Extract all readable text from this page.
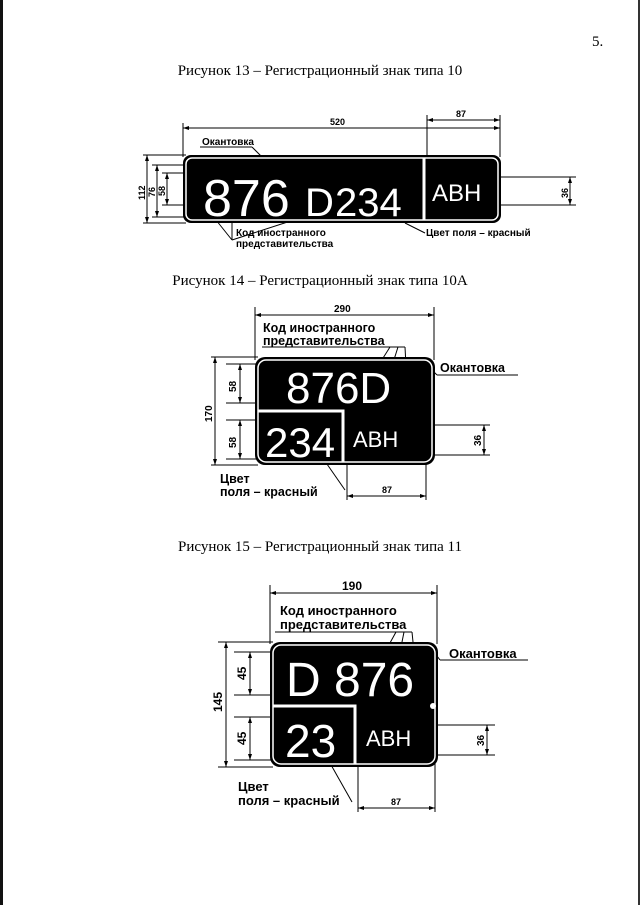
5.
Рисунок 13 – Регистрационный знак типа 10
876 D 234 АВН
520
87
112 76 58	36
Окантовка
Код иностранного
представительства
Цвет поля – красный
Рисунок 14 – Регистрационный знак типа 10А
876D
234 АВН
290
170
58
58	36
87
Код иностранного
представительства
Окантовка
Цвет
поля – красный
Рисунок 15 – Регистрационный знак типа 11
D 876
23 АВН
190
145
45
45	36
87
Код иностранного
представительства
Окантовка
Цвет
поля – красный
